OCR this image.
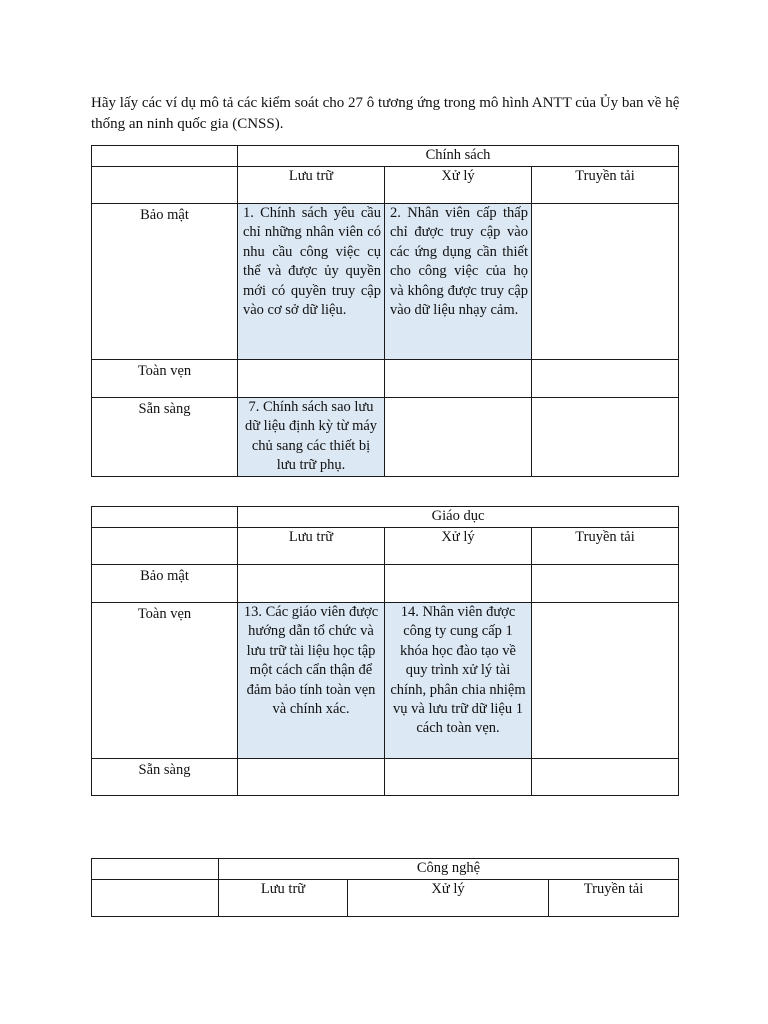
Hãy lấy các ví dụ mô tả các kiểm soát cho 27 ô tương ứng trong mô hình ANTT của Ủy ban về hệ thống an ninh quốc gia (CNSS).

	Chính sách		
	Lưu trữ	Xử lý	Truyền tải
Bảo mật	1. Chính sách yêu cầu chỉ những nhân viên có nhu cầu công việc cụ thể và được ủy quyền mới có quyền truy cập vào cơ sở dữ liệu.	2. Nhân viên cấp thấp chỉ được truy cập vào các ứng dụng cần thiết cho công việc của họ và không được truy cập vào dữ liệu nhạy cảm.	
Toàn vẹn			
Sẵn sàng	7. Chính sách sao lưu dữ liệu định kỳ từ máy chủ sang các thiết bị lưu trữ phụ.		
	Giáo dục		
	Lưu trữ	Xử lý	Truyền tải
Bảo mật			
Toàn vẹn	13. Các giáo viên được hướng dẫn tổ chức và lưu trữ tài liệu học tập một cách cẩn thận để đảm bảo tính toàn vẹn và chính xác.	14. Nhân viên được công ty cung cấp 1 khóa học đào tạo về quy trình xử lý tài chính, phân chia nhiệm vụ và lưu trữ dữ liệu 1 cách toàn vẹn.	
Sẵn sàng			
	Công nghệ		
	Lưu trữ	Xử lý	Truyền tải
